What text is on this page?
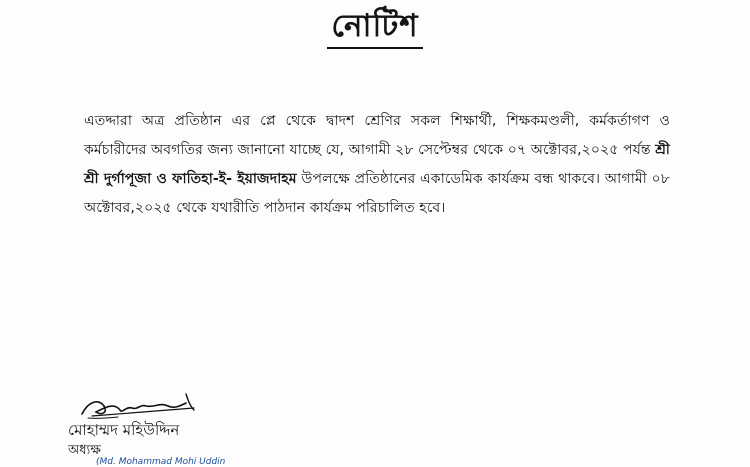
নোটিশ

এতদ্দারা অত্র প্রতিষ্ঠান এর প্লে থেকে দ্বাদশ শ্রেণির সকল শিক্ষার্থী, শিক্ষকমণ্ডলী, কর্মকর্তাগণ ও কর্মচারীদের অবগতির জন্য জানানো যাচ্ছে যে, আগামী ২৮ সেপ্টেম্বর থেকে ০৭ অক্টোবর,২০২৫ পর্যন্ত শ্রী শ্রী দুর্গাপূজা ও ফাতিহা-ই- ইয়াজদাহম উপলক্ষে প্রতিষ্ঠানের একাডেমিক কার্যক্রম বন্ধ থাকবে। আগামী ০৮ অক্টোবর,২০২৫ থেকে যথারীতি পাঠদান কার্যক্রম পরিচালিত হবে।

মোহাম্মদ মহিউদ্দিন
অধ্যক্ষ
(Md. Mohammad Mohi Uddin
